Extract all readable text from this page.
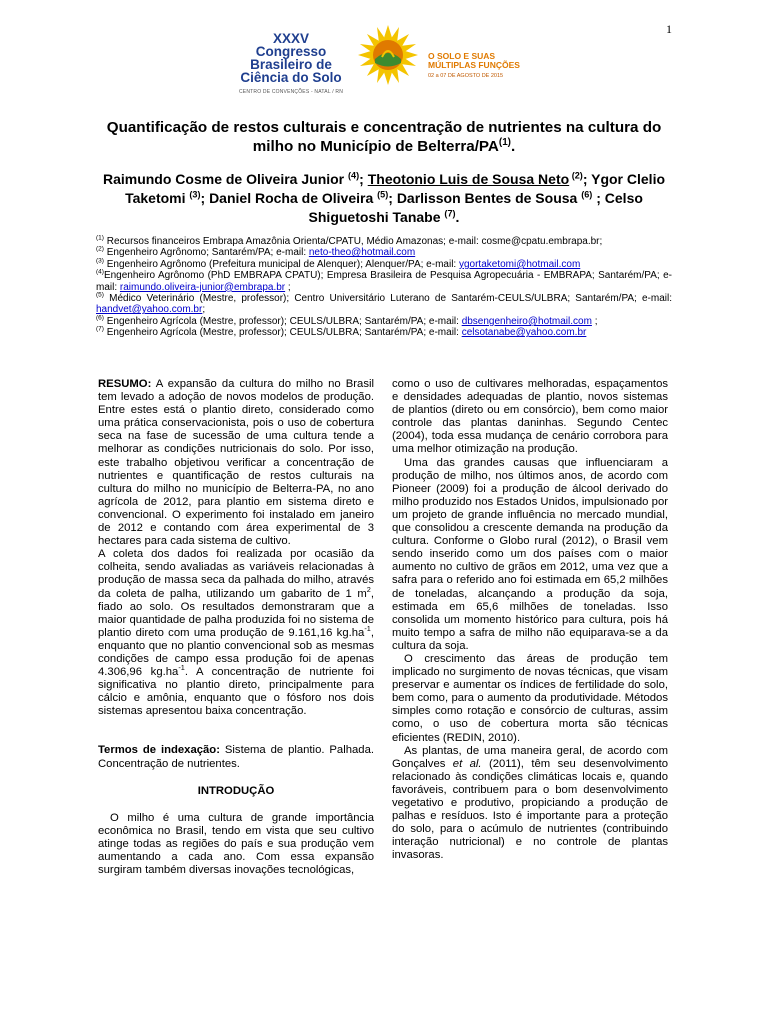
1
XXXV Congresso
Brasileiro de
Ciência do Solo
CENTRO DE CONVENÇÕES - NATAL / RN
O SOLO E SUAS
MÚLTIPLAS FUNÇÕES
02 a 07 DE AGOSTO DE 2015
Quantificação de restos culturais e concentração de nutrientes na cultura do milho no Município de Belterra/PA$^{(1)}$.
Raimundo Cosme de Oliveira Junior $^{(4)}$; Theotonio Luis de Sousa Neto $^{(2)}$; Ygor Clelio Taketomi $^{(3)}$; Daniel Rocha de Oliveira $^{(5)}$; Darlisson Bentes de Sousa $^{(6)}$ ; Celso Shiguetoshi Tanabe $^{(7)}$.

$^{(1)}$ Recursos financeiros Embrapa Amazônia Orienta/CPATU, Médio Amazonas; e-mail: cosme@cpatu.embrapa.br;

$^{(2)}$ Engenheiro Agrônomo; Santarém/PA; e-mail: neto-theo@hotmail.com

$^{(3)}$ Engenheiro Agrônomo (Prefeitura municipal de Alenquer); Alenquer/PA; e-mail: ygortaketomi@hotmail.com

$^{(4)}$Engenheiro Agrônomo (PhD EMBRAPA CPATU); Empresa Brasileira de Pesquisa Agropecuária - EMBRAPA; Santarém/PA; e-mail: raimundo.oliveira-junior@embrapa.br ;

$^{(5)}$ Médico Veterinário (Mestre, professor); Centro Universitário Luterano de Santarém-CEULS/ULBRA; Santarém/PA; e-mail: handvet@yahoo.com.br;

$^{(6)}$ Engenheiro Agrícola (Mestre, professor); CEULS/ULBRA; Santarém/PA; e-mail: dbsengenheiro@hotmail.com ;

$^{(7)}$ Engenheiro Agrícola (Mestre, professor); CEULS/ULBRA; Santarém/PA; e-mail: celsotanabe@yahoo.com.br

RESUMO: A expansão da cultura do milho no Brasil tem levado a adoção de novos modelos de produção. Entre estes está o plantio direto, considerado como uma prática conservacionista, pois o uso de cobertura seca na fase de sucessão de uma cultura tende a melhorar as condições nutricionais do solo. Por isso, este trabalho objetivou verificar a concentração de nutrientes e quantificação de restos culturais na cultura do milho no município de Belterra-PA, no ano agrícola de 2012, para plantio em sistema direto e convencional. O experimento foi instalado em janeiro de 2012 e contando com área experimental de 3 hectares para cada sistema de cultivo.

A coleta dos dados foi realizada por ocasião da colheita, sendo avaliadas as variáveis relacionadas à produção de massa seca da palhada do milho, através da coleta de palha, utilizando um gabarito de 1 $m^2$, fiado ao solo. Os resultados demonstraram que a maior quantidade de palha produzida foi no sistema de plantio direto com uma produção de 9.161,16 $kg.ha^{-1}$, enquanto que no plantio convencional sob as mesmas condições de campo essa produção foi de apenas 4.306,96 $kg.ha^{-1}$. A concentração de nutriente foi significativa no plantio direto, principalmente para cálcio e amônia, enquanto que o fósforo nos dois sistemas apresentou baixa concentração.

Termos de indexação: Sistema de plantio. Palhada. Concentração de nutrientes.

INTRODUÇÃO

O milho é uma cultura de grande importância econômica no Brasil, tendo em vista que seu cultivo atinge todas as regiões do país e sua produção vem aumentando a cada ano. Com essa expansão surgiram também diversas inovações tecnológicas,

como o uso de cultivares melhoradas, espaçamentos e densidades adequadas de plantio, novos sistemas de plantios (direto ou em consórcio), bem como maior controle das plantas daninhas. Segundo Centec (2004), toda essa mudança de cenário corrobora para uma melhor otimização na produção.

Uma das grandes causas que influenciaram a produção de milho, nos últimos anos, de acordo com Pioneer (2009) foi a produção de álcool derivado do milho produzido nos Estados Unidos, impulsionado por um projeto de grande influência no mercado mundial, que consolidou a crescente demanda na produção da cultura. Conforme o Globo rural (2012), o Brasil vem sendo inserido como um dos países com o maior aumento no cultivo de grãos em 2012, uma vez que a safra para o referido ano foi estimada em 65,2 milhões de toneladas, alcançando a produção da soja, estimada em 65,6 milhões de toneladas. Isso consolida um momento histórico para cultura, pois há muito tempo a safra de milho não equiparava-se a da cultura da soja.

O crescimento das áreas de produção tem implicado no surgimento de novas técnicas, que visam preservar e aumentar os índices de fertilidade do solo, bem como, para o aumento da produtividade. Métodos simples como rotação e consórcio de culturas, assim como, o uso de cobertura morta são técnicas eficientes (REDIN, 2010).

As plantas, de uma maneira geral, de acordo com Gonçalves et al. (2011), têm seu desenvolvimento relacionado às condições climáticas locais e, quando favoráveis, contribuem para o bom desenvolvimento vegetativo e produtivo, propiciando a produção de palhas e resíduos. Isto é importante para a proteção do solo, para o acúmulo de nutrientes (contribuindo interação nutricional) e no controle de plantas invasoras.
